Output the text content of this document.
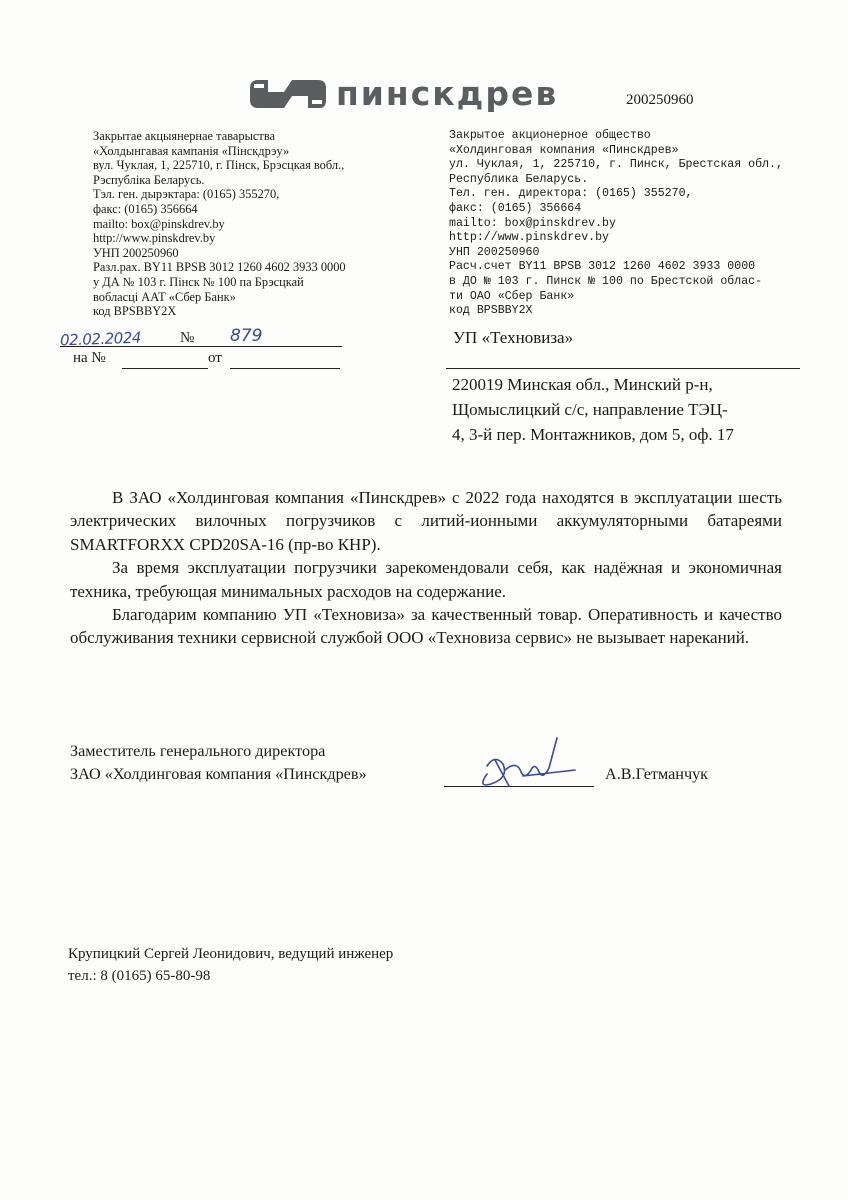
пинскдрев	200250960
Закрытае акцыянернае таварыства
«Холдынгавая кампанія «Пінскдрэу»
вул. Чуклая, 1, 225710, г. Пінск, Брэсцкая вобл.,
Рэспубліка Беларусь.
Тэл. ген. дырэктара: (0165) 355270,
факс: (0165) 356664
mailto: box@pinskdrev.by
http://www.pinskdrev.by
УНП 200250960
Разл.рах. BY11 BPSB 3012 1260 4602 3933 0000
у ДА № 103 г. Пінск № 100 па Брэсцкай
вобласці ААТ «Сбер Банк»
код BPSBBY2X
Закрытое акционерное общество
«Холдинговая компания «Пинскдрев»
ул. Чуклая, 1, 225710, г. Пинск, Брестская обл.,
Республика Беларусь.
Тел. ген. директора: (0165) 355270,
факс: (0165) 356664
mailto: box@pinskdrev.by
http://www.pinskdrev.by
УНП 200250960
Расч.счет BY11 BPSB 3012 1260 4602 3933 0000
в ДО № 103 г. Пинск № 100 по Брестской облас-
ти ОАО «Сбер Банк»
код BPSBBY2X
02.02.2024	№ 879
на №	от
УП «Техновиза»
220019 Минская обл., Минский р-н,
Щомыслицкий с/с, направление ТЭЦ-
4, 3-й пер. Монтажников, дом 5, оф. 17
В ЗАО «Холдинговая компания «Пинскдрев» с 2022 года находятся в эксплуатации шесть электрических вилочных погрузчиков с литий-ионными аккумуляторными батареями SMARTFORXX CPD20SA-16 (пр-во КНР).
За время эксплуатации погрузчики зарекомендовали себя, как надёжная и экономичная техника, требующая минимальных расходов на содержание.
Благодарим компанию УП «Техновиза» за качественный товар. Оперативность и качество обслуживания техники сервисной службой ООО «Техновиза сервис» не вызывает нареканий.
Заместитель генерального директора
ЗАО «Холдинговая компания «Пинскдрев»	А.В.Гетманчук
Крупицкий Сергей Леонидович, ведущий инженер
тел.: 8 (0165) 65-80-98
